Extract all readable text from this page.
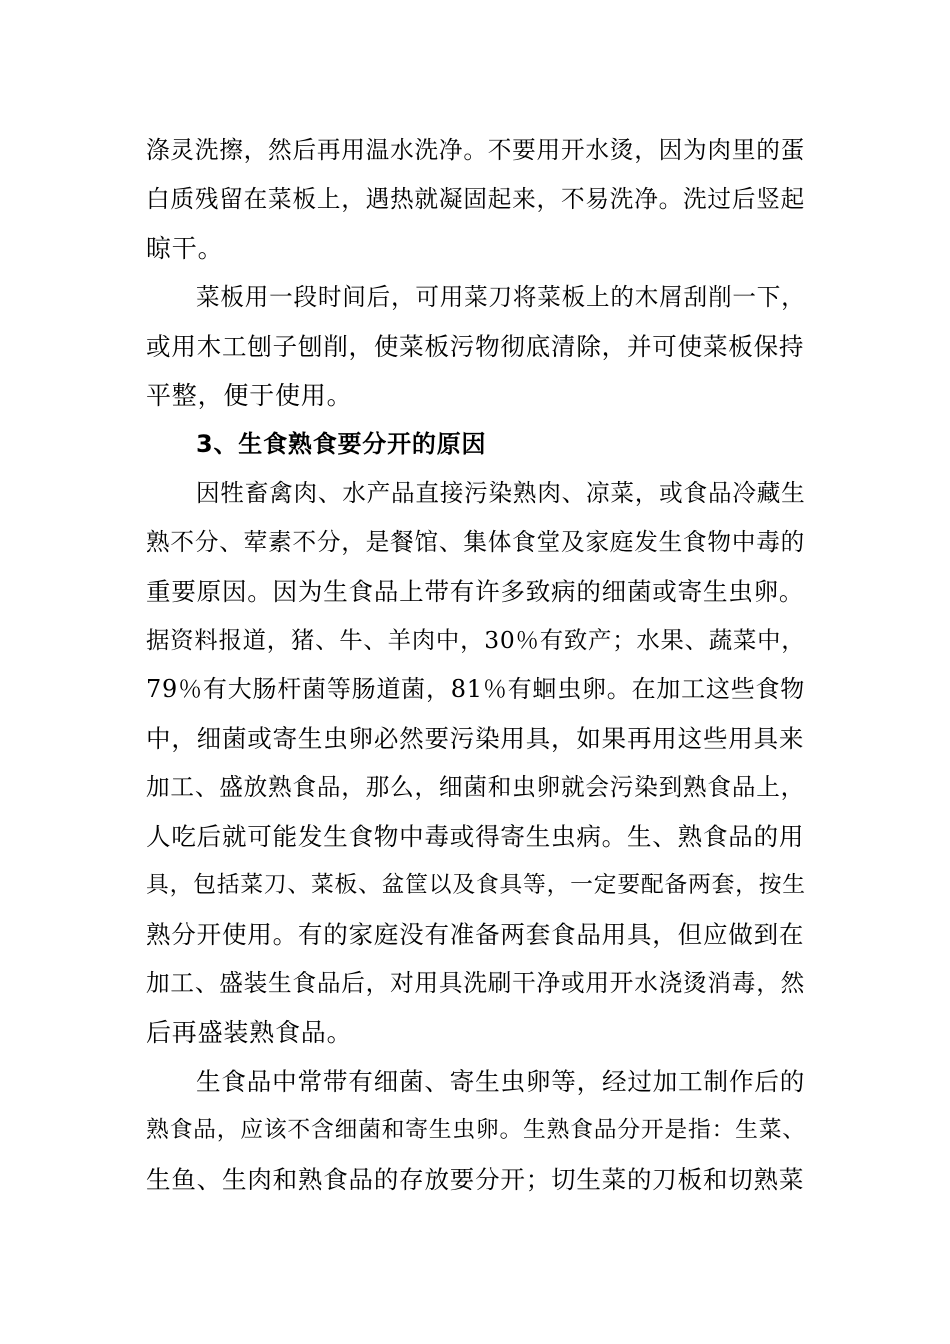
涤灵洗擦，然后再用温水洗净。不要用开水烫，因为肉里的蛋
白质残留在菜板上，遇热就凝固起来，不易洗净。洗过后竖起
晾干。
菜板用一段时间后，可用菜刀将菜板上的木屑刮削一下，
或用木工刨子刨削，使菜板污物彻底清除，并可使菜板保持
平整，便于使用。
3、生食熟食要分开的原因
因牲畜禽肉、水产品直接污染熟肉、凉菜，或食品冷藏生
熟不分、荤素不分，是餐馆、集体食堂及家庭发生食物中毒的
重要原因。因为生食品上带有许多致病的细菌或寄生虫卵。
据资料报道，猪、牛、羊肉中，30％有致产；水果、蔬菜中，
79％有大肠杆菌等肠道菌，81％有蛔虫卵。在加工这些食物
中，细菌或寄生虫卵必然要污染用具，如果再用这些用具来
加工、盛放熟食品，那么，细菌和虫卵就会污染到熟食品上，
人吃后就可能发生食物中毒或得寄生虫病。生、熟食品的用
具，包括菜刀、菜板、盆筐以及食具等，一定要配备两套，按生
熟分开使用。有的家庭没有准备两套食品用具，但应做到在
加工、盛装生食品后，对用具洗刷干净或用开水浇烫消毒，然
后再盛装熟食品。
生食品中常带有细菌、寄生虫卵等，经过加工制作后的
熟食品，应该不含细菌和寄生虫卵。生熟食品分开是指：生菜、
生鱼、生肉和熟食品的存放要分开；切生菜的刀板和切熟菜
